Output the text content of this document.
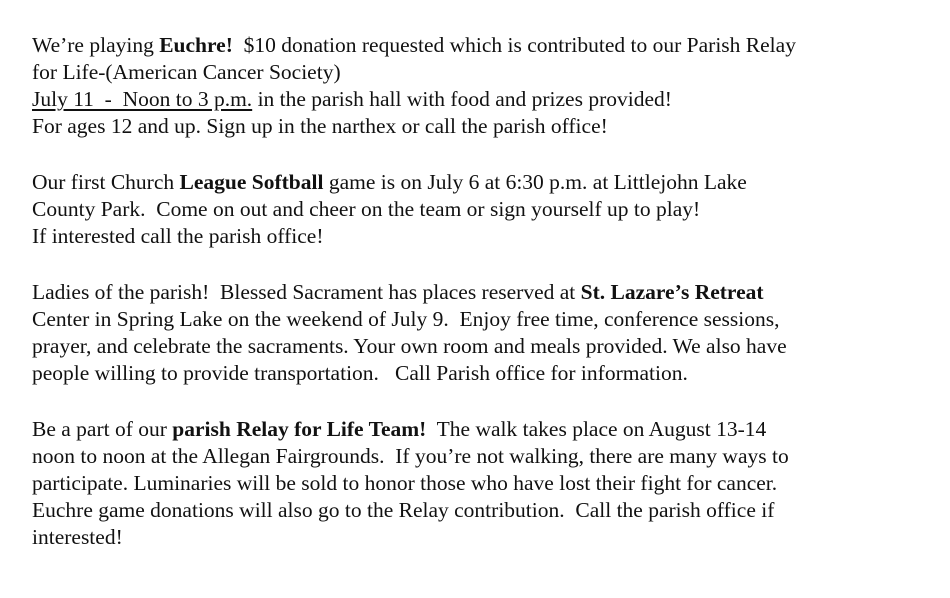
We’re playing Euchre!  $10 donation requested which is contributed to our Parish Relay
for Life-(American Cancer Society)
July 11  -  Noon to 3 p.m. in the parish hall with food and prizes provided!
For ages 12 and up. Sign up in the narthex or call the parish office!
Our first Church League Softball game is on July 6 at 6:30 p.m. at Littlejohn Lake
County Park.  Come on out and cheer on the team or sign yourself up to play!
If interested call the parish office!
Ladies of the parish!  Blessed Sacrament has places reserved at St. Lazare’s Retreat
Center in Spring Lake on the weekend of July 9.  Enjoy free time, conference sessions,
prayer, and celebrate the sacraments. Your own room and meals provided. We also have
people willing to provide transportation.   Call Parish office for information.
Be a part of our parish Relay for Life Team!  The walk takes place on August 13-14
noon to noon at the Allegan Fairgrounds.  If you’re not walking, there are many ways to
participate. Luminaries will be sold to honor those who have lost their fight for cancer.
Euchre game donations will also go to the Relay contribution.  Call the parish office if
interested!
